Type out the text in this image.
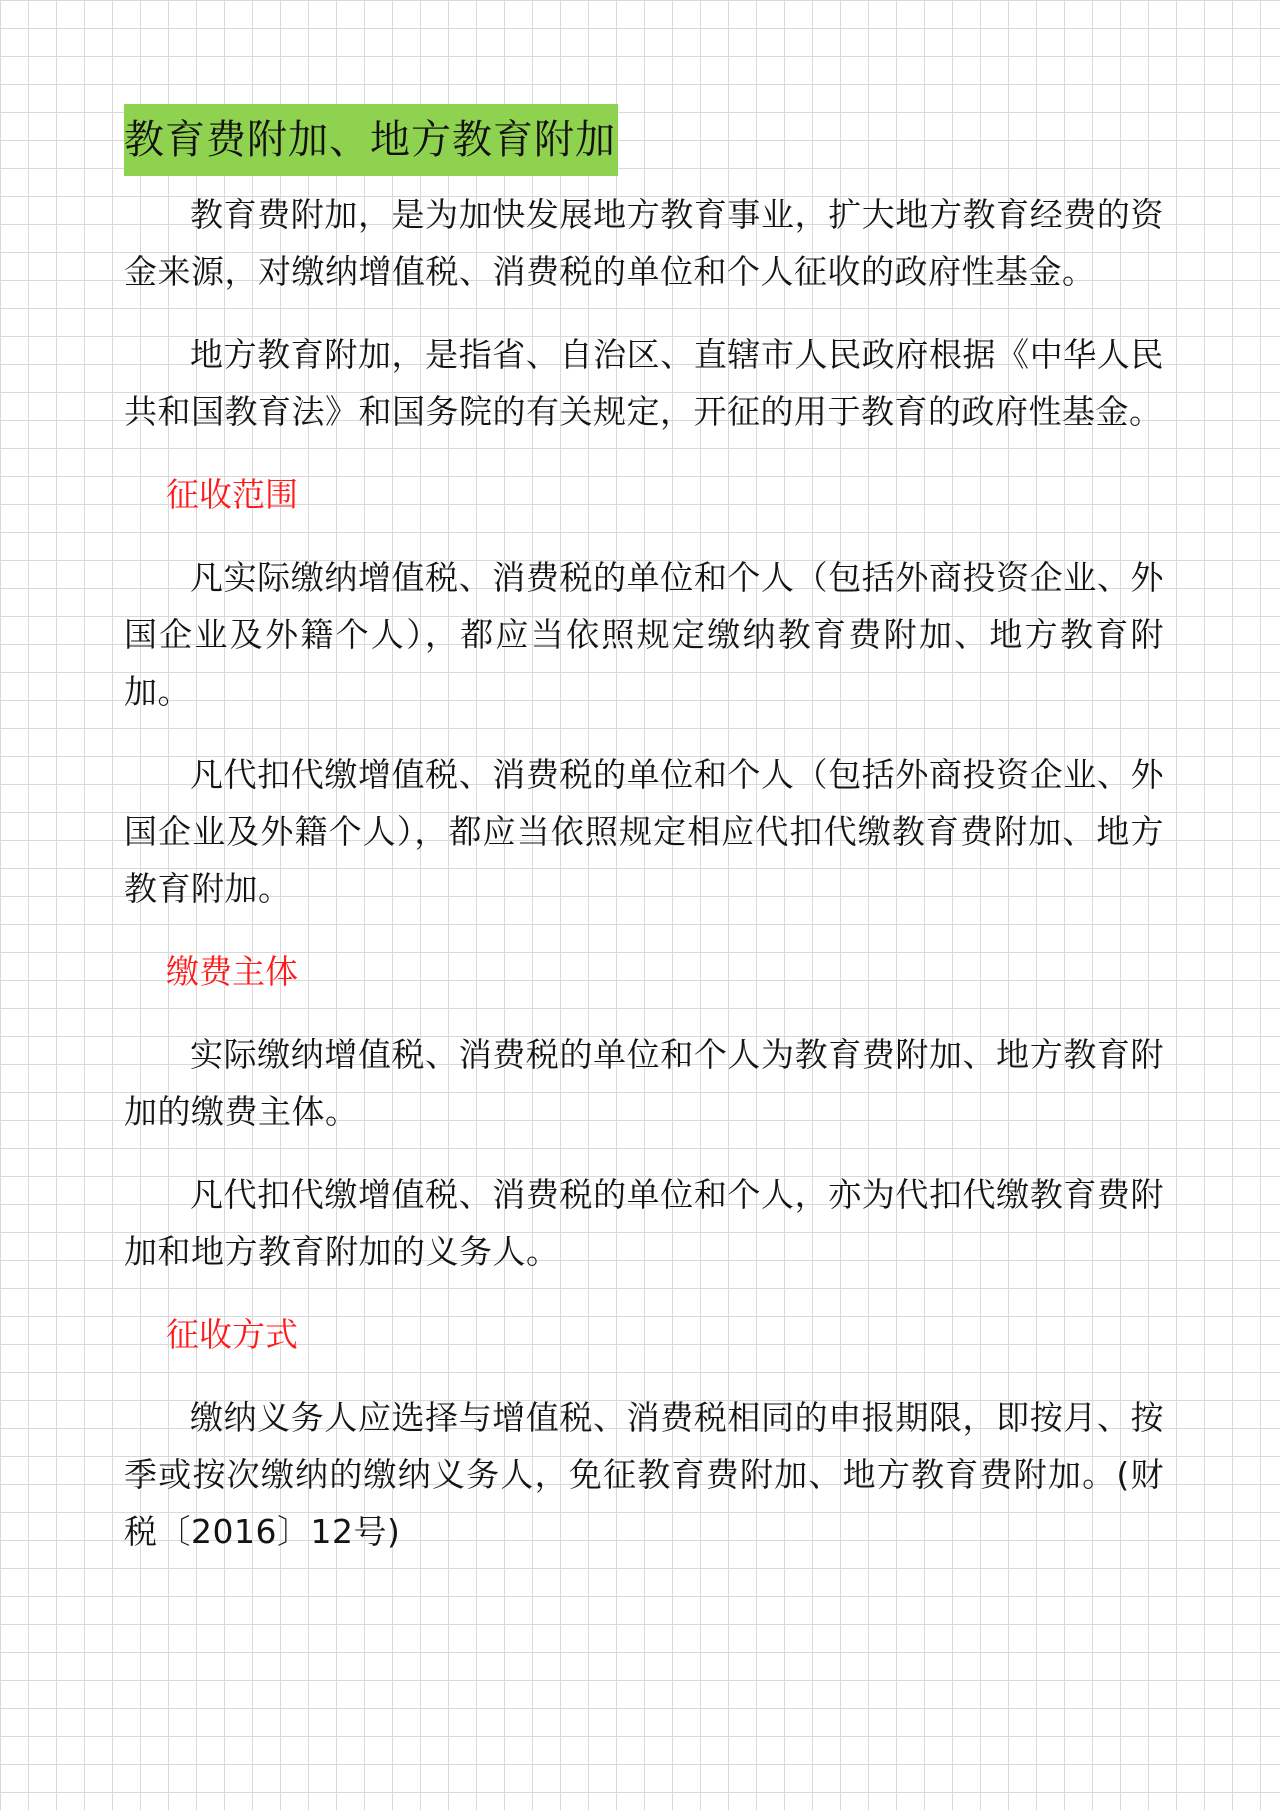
教育费附加、地方教育附加

教育费附加，是为加快发展地方教育事业，扩大地方教育经费的资金来源，对缴纳增值税、消费税的单位和个人征收的政府性基金。

地方教育附加，是指省、自治区、直辖市人民政府根据《中华人民共和国教育法》和国务院的有关规定，开征的用于教育的政府性基金。

征收范围

凡实际缴纳增值税、消费税的单位和个人（包括外商投资企业、外国企业及外籍个人），都应当依照规定缴纳教育费附加、地方教育附加。

凡代扣代缴增值税、消费税的单位和个人（包括外商投资企业、外国企业及外籍个人），都应当依照规定相应代扣代缴教育费附加、地方教育附加。

缴费主体

实际缴纳增值税、消费税的单位和个人为教育费附加、地方教育附加的缴费主体。

凡代扣代缴增值税、消费税的单位和个人，亦为代扣代缴教育费附加和地方教育附加的义务人。

征收方式

缴纳义务人应选择与增值税、消费税相同的申报期限，即按月、按季或按次缴纳的缴纳义务人，免征教育费附加、地方教育费附加。(财税〔2016〕12号)
